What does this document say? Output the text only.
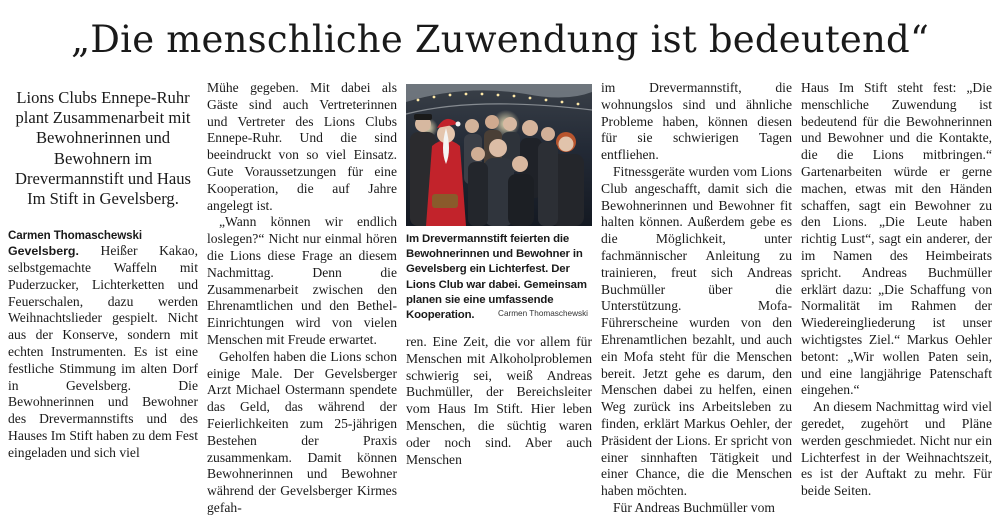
„Die menschliche Zuwendung ist bedeutend“
Lions Clubs Ennepe-Ruhr plant Zusammenarbeit mit Bewohnerinnen und Bewohnern im Drevermannstift und Haus Im Stift in Gevelsberg.
Carmen Thomaschewski

Gevelsberg. Heißer Kakao, selbstgemachte Waffeln mit Puderzucker, Lichterketten und Feuerschalen, dazu werden Weihnachtslieder gespielt. Nicht aus der Konserve, sondern mit echten Instrumenten. Es ist eine festliche Stimmung im alten Dorf in Gevelsberg. Die Bewohnerinnen und Bewohner des Drevermannstifts und des Hauses Im Stift haben zu dem Fest eingeladen und sich viel

Mühe gegeben. Mit dabei als Gäste sind auch Vertreterinnen und Vertreter des Lions Clubs Ennepe-Ruhr. Und die sind beeindruckt von so viel Einsatz. Gute Voraussetzungen für eine Kooperation, die auf Jahre angelegt ist.

„Wann können wir endlich loslegen?“ Nicht nur einmal hören die Lions diese Frage an diesem Nachmittag. Denn die Zusammenarbeit zwischen den Ehrenamtlichen und den Bethel-Einrichtungen wird von vielen Menschen mit Freude erwartet.

Geholfen haben die Lions schon einige Male. Der Gevelsberger Arzt Michael Ostermann spendete das Geld, das während der Feierlichkeiten zum 25-jährigen Bestehen der Praxis zusammenkam. Damit können Bewohnerinnen und Bewohner während der Gevelsberger Kirmes gefah-

Im Drevermannstift feierten die Bewohnerinnen und Bewohner in Gevelsberg ein Lichterfest. Der Lions Club war dabei. Gemeinsam planen sie eine umfassende Kooperation.	Carmen Thomaschewski

ren. Eine Zeit, die vor allem für Menschen mit Alkoholproblemen schwierig sei, weiß Andreas Buchmüller, der Bereichsleiter vom Haus Im Stift. Hier leben Menschen, die süchtig waren oder noch sind. Aber auch Menschen

im Drevermannstift, die wohnungslos sind und ähnliche Probleme haben, können diesen für sie schwierigen Tagen entfliehen.

Fitnessgeräte wurden vom Lions Club angeschafft, damit sich die Bewohnerinnen und Bewohner fit halten können. Außerdem gebe es die Möglichkeit, unter fachmännischer Anleitung zu trainieren, freut sich Andreas Buchmüller über die Unterstützung. Mofa-Führerscheine wurden von den Ehrenamtlichen bezahlt, und auch ein Mofa steht für die Menschen bereit. Jetzt gehe es darum, den Menschen dabei zu helfen, einen Weg zurück ins Arbeitsleben zu finden, erklärt Markus Oehler, der Präsident der Lions. Er spricht von einer sinnhaften Tätigkeit und einer Chance, die die Menschen haben möchten.

Für Andreas Buchmüller vom

Haus Im Stift steht fest: „Die menschliche Zuwendung ist bedeutend für die Bewohnerinnen und Bewohner und die Kontakte, die die Lions mitbringen.“ Gartenarbeiten würde er gerne machen, etwas mit den Händen schaffen, sagt ein Bewohner zu den Lions. „Die Leute haben richtig Lust“, sagt ein anderer, der im Namen des Heimbeirats spricht. Andreas Buchmüller erklärt dazu: „Die Schaffung von Normalität im Rahmen der Wiedereingliederung ist unser wichtigstes Ziel.“ Markus Oehler betont: „Wir wollen Paten sein, und eine langjährige Patenschaft eingehen.“

An diesem Nachmittag wird viel geredet, zugehört und Pläne werden geschmiedet. Nicht nur ein Lichterfest in der Weihnachtszeit, es ist der Auftakt zu mehr. Für beide Seiten.
